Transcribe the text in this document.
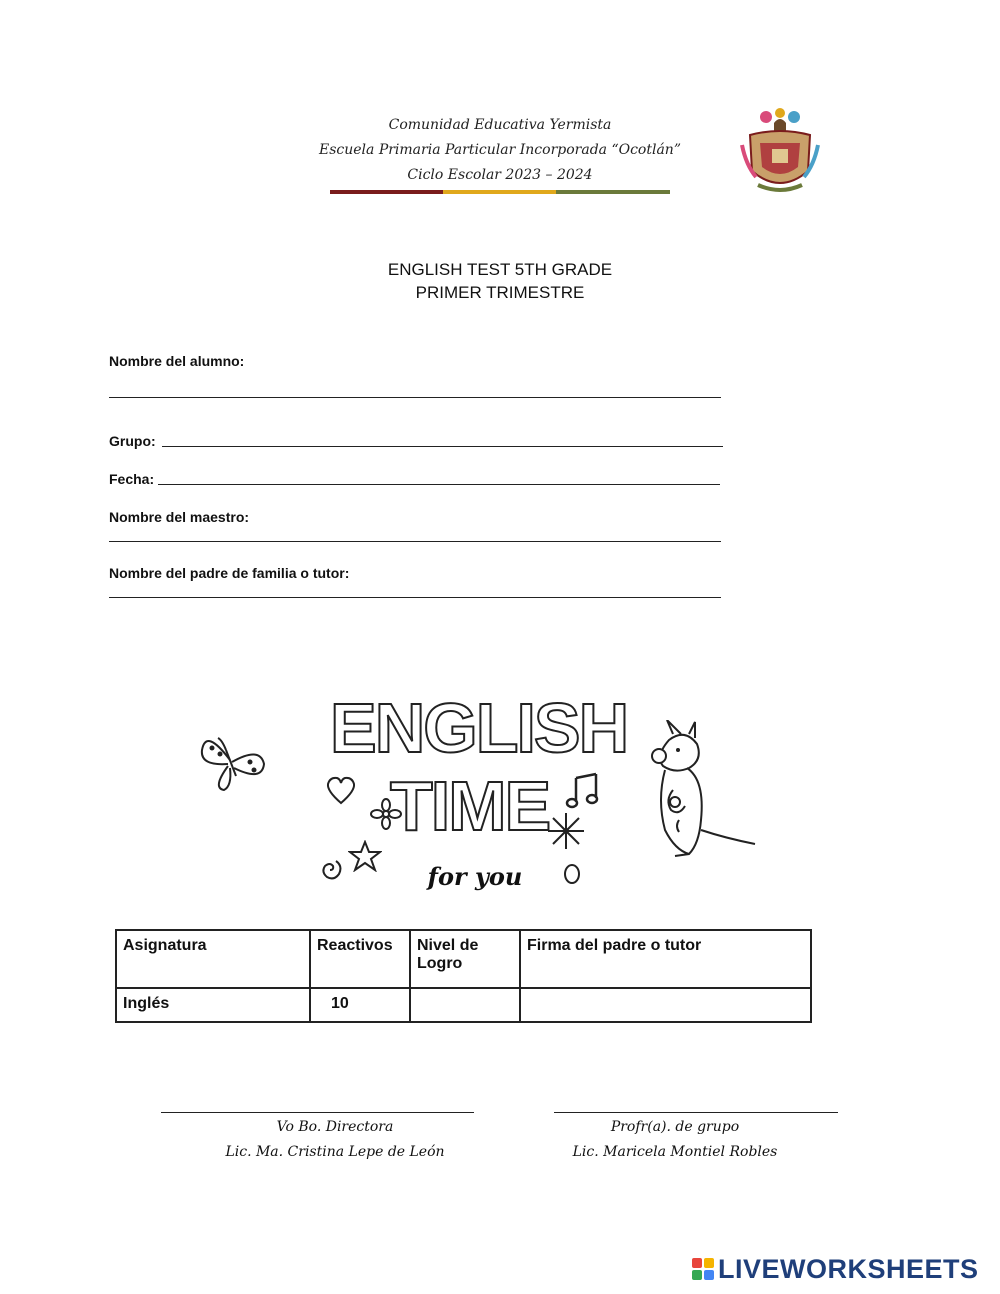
Comunidad Educativa Yermista
Escuela Primaria Particular Incorporada “Ocotlán”
Ciclo Escolar 2023 – 2024
ENGLISH TEST 5TH GRADE
PRIMER TRIMESTRE
Nombre del alumno:
Grupo:
Fecha:
Nombre del maestro:
Nombre del padre de familia o tutor:
ENGLISH
TIME
for you
Asignatura	Reactivos	Nivel de Logro	Firma del padre o tutor
Inglés	10		
Vo Bo. Directora
Lic. Ma. Cristina Lepe de León
Profr(a). de grupo
Lic. Maricela Montiel Robles
LIVEWORKSHEETS
